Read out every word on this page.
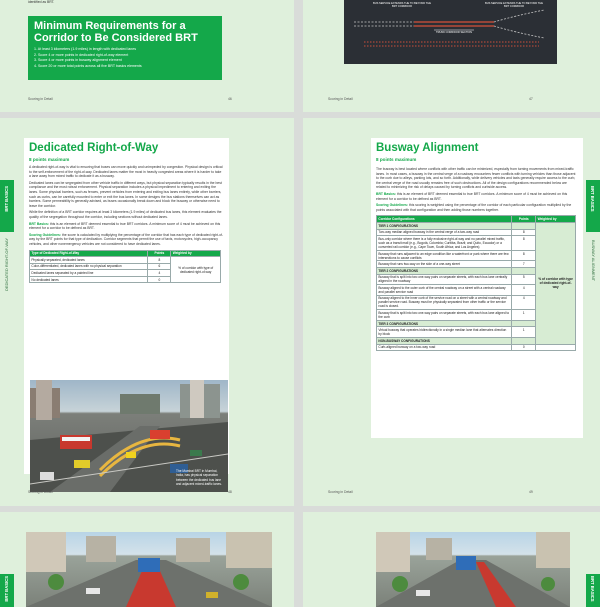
identified as BRT.
Minimum Requirements for a
Corridor to Be Considered BRT
1. At least 3 kilometers (1.9 miles) in length with dedicated lanes
2. Score 4 or more points in dedicated right-of-way element
3. Score 4 or more points in busway alignment element
4. Score 20 or more total points across all five BRT basics elements
Scoring in Detail	46
BUS SERVICE EXTENDS THE TO BEYOND THE BRT CORRIDOR
BUS SERVICE EXTENDS THE TO BEYOND THE BRT CORRIDOR
TRUNK CORRIDOR SECTION
Scoring in Detail	47
BRT BASICS
DEDICATED RIGHT-OF-WAY
Dedicated Right-of-Way
8 points maximum

A dedicated right-of-way is vital to ensuring that buses can move quickly and unimpeded by congestion. Physical design is critical to the self-enforcement of the right-of-way. Dedicated lanes matter the most in heavily congested areas where it is harder to take a lane away from mixed traffic to dedicate it as a busway.

Dedicated lanes can be segregated from other vehicle traffic in different ways, but physical separation typically results in the best compliance and the most robust enforcement. Physical separation includes a physical impediment to entering and exiting the lanes. Some physical barriers, such as fences, prevent vehicles from entering and exiting bus lanes entirely, while other barriers, such as curbs, can be carefully mounted to enter or exit the bus lanes. In some designs the bus stations themselves can act as barriers. Some permeability is generally advised, as buses occasionally break down and block the busway or otherwise need to leave the corridor.

While the definition of a BRT corridor requires at least 3 kilometers (1.9 miles) of dedicated bus lanes, this element evaluates the quality of the segregation throughout the corridor, including sections without dedicated lanes.

BRT Basics: this is an element of BRT deemed essential to true BRT corridors. A minimum score of 4 must be achieved on this element for a corridor to be defined as BRT.

Scoring Guidelines: the score is calculated by multiplying the percentage of the corridor that has each type of dedicated right-of-way by the BRT points for that type of dedication. Corridor segments that permit the use of taxis, motorcycles, high-occupancy vehicles, and other nonemergency vehicles are not considered to have dedicated lanes.

Type of Dedicated Right-of-Way	Points	Weighted by
Physically separated, dedicated lanes	8	% of corridor with type of dedicated right-of-way
Color-differentiated, dedicated lanes with no physical separation	6	
Dedicated lanes separated by a painted line	4	
No dedicated lanes	0	
The Mumbai BRT in Mumbai, India, has physical separation between the dedicated bus lane and adjacent mixed-traffic lanes.
Scoring in Detail	48
BRT BASICS
BUSWAY ALIGNMENT
Busway Alignment
8 points maximum

The busway is best located where conflicts with other traffic can be minimized, especially from turning movements from mixed-traffic lanes. In most cases, a busway in the central verge of a roadway encounters fewer conflicts with turning vehicles than those adjacent to the curb due to alleys, parking lots, and so forth. Additionally, while delivery vehicles and taxis generally require access to the curb, the central verge of the road usually remains free of such obstructions. All of the design configurations recommended below are related to minimizing the risk of delays caused by turning conflicts and curbside access.

BRT Basics: this is an element of BRT deemed essential to true BRT corridors. A minimum score of 4 must be achieved on this element for a corridor to be defined as BRT.

Scoring Guidelines: this scoring is weighted using the percentage of the corridor of each particular configuration multiplied by the points associated with that configuration and then adding those numbers together.

Corridor Configurations	Points	Weighted by
TIER 1 CONFIGURATIONS		% of corridor with type of dedicated right-of-way
Two-way median aligned busway in the central verge of a two-way road	8	
Bus-only corridor where there is a fully exclusive right-of-way and no parallel mixed traffic, such as a transit mall (e.g., Bogotá, Colombia; Curitiba, Brazil; and Quito, Ecuador) or a converted rail corridor (e.g., Cape Town, South Africa; and Los Angeles)	8	
Busway that runs adjacent to an edge condition like a waterfront or park where there are few intersections to cause conflicts	8	
Busway that runs two-way on the side of a one-way street	7	
TIER 2 CONFIGURATIONS		
Busway that is split into two one-way pairs on separate streets, with each bus lane centrally aligned in the roadway	5	
Busway aligned to the outer curb of the central roadway on a street with a central roadway and parallel service road	4	
Busway aligned to the inner curb of the service road on a street with a central roadway and parallel service road. Busway must be physically separated from other traffic or the service road is closed.	4	
Busway that is split into two one-way pairs on separate streets, with each bus lane aligned to the curb	1	
TIER 3 CONFIGURATIONS		
Virtual busway that operates bidirectionally in a single median lane that alternates direction by block	1	
NON-BUSWAY CONFIGURATIONS		
Curb-aligned busway on a two-way road	0	
Scoring in Detail	49
BRT BASICS	BRT BASICS
